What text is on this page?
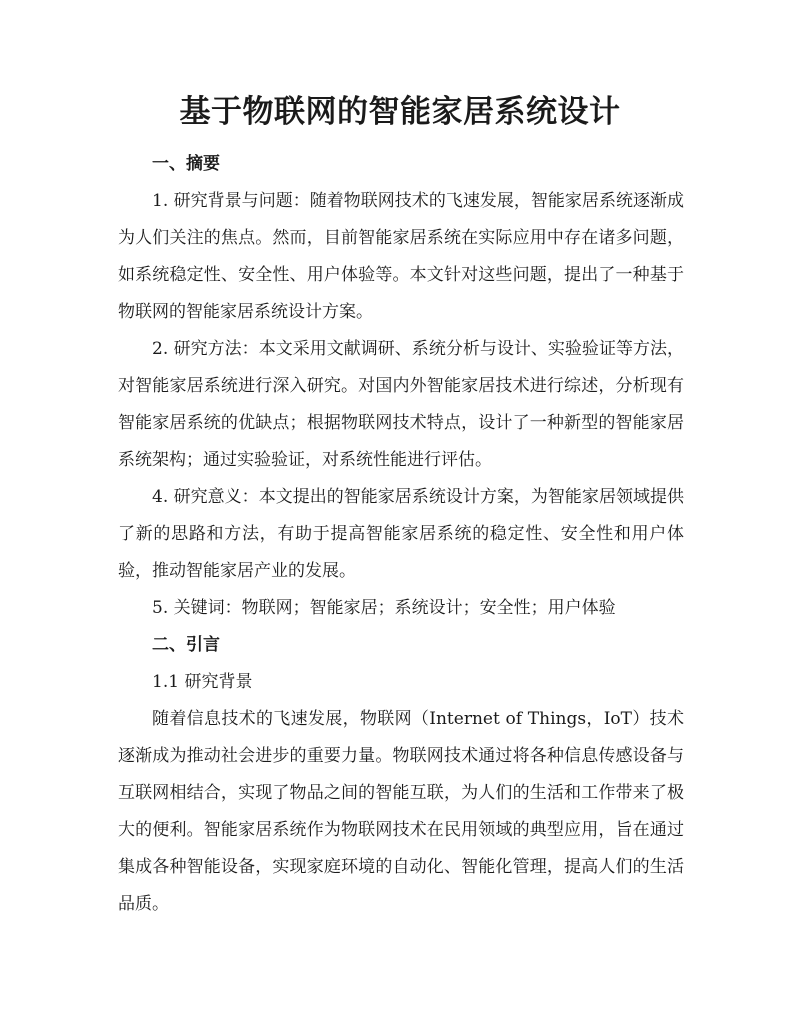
基于物联网的智能家居系统设计
一、摘要

1. 研究背景与问题：随着物联网技术的飞速发展，智能家居系统逐渐成为人们关注的焦点。然而，目前智能家居系统在实际应用中存在诸多问题，如系统稳定性、安全性、用户体验等。本文针对这些问题，提出了一种基于物联网的智能家居系统设计方案。

2. 研究方法：本文采用文献调研、系统分析与设计、实验验证等方法，对智能家居系统进行深入研究。对国内外智能家居技术进行综述，分析现有智能家居系统的优缺点；根据物联网技术特点，设计了一种新型的智能家居系统架构；通过实验验证，对系统性能进行评估。

4. 研究意义：本文提出的智能家居系统设计方案，为智能家居领域提供了新的思路和方法，有助于提高智能家居系统的稳定性、安全性和用户体验，推动智能家居产业的发展。

5. 关键词：物联网；智能家居；系统设计；安全性；用户体验

二、引言
1.1 研究背景

随着信息技术的飞速发展，物联网（Internet of Things，IoT）技术逐渐成为推动社会进步的重要力量。物联网技术通过将各种信息传感设备与互联网相结合，实现了物品之间的智能互联，为人们的生活和工作带来了极大的便利。智能家居系统作为物联网技术在民用领域的典型应用，旨在通过集成各种智能设备，实现家庭环境的自动化、智能化管理，提高人们的生活品质。
